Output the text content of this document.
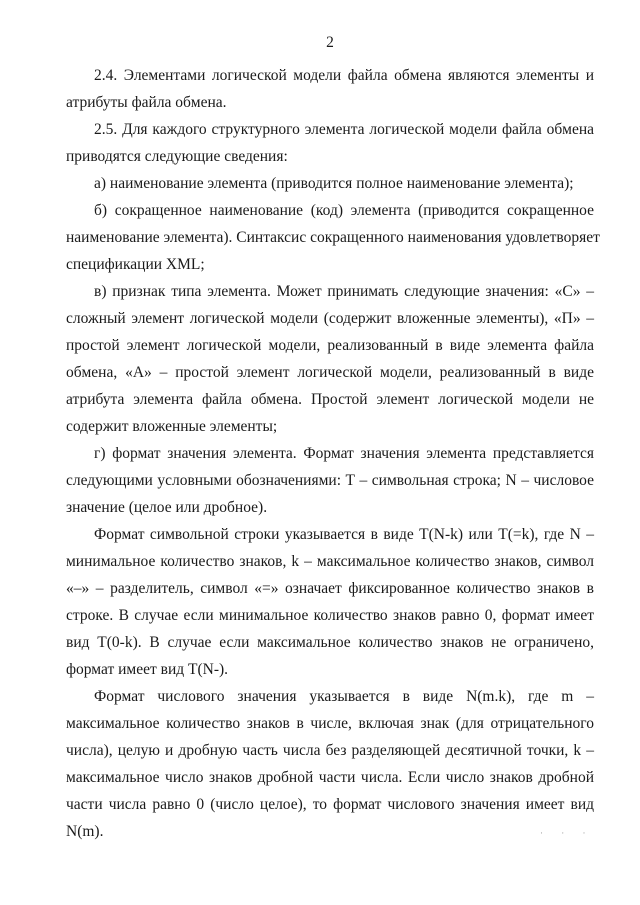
2
2.4. Элементами логической модели файла обмена являются элементы и
атрибуты файла обмена.
2.5. Для каждого структурного элемента логической модели файла обмена
приводятся следующие сведения:
а) наименование элемента (приводится полное наименование элемента);
б) сокращенное наименование (код) элемента (приводится сокращенное
наименование элемента). Синтаксис сокращенного наименования удовлетворяет
спецификации XML;
в) признак типа элемента. Может принимать следующие значения: «С» –
сложный элемент логической модели (содержит вложенные элементы), «П» –
простой элемент логической модели, реализованный в виде элемента файла
обмена, «А» – простой элемент логической модели, реализованный в виде
атрибута элемента файла обмена. Простой элемент логической модели не
содержит вложенные элементы;
г) формат значения элемента. Формат значения элемента представляется
следующими условными обозначениями: Т – символьная строка; N – числовое
значение (целое или дробное).
Формат символьной строки указывается в виде T(N-k) или T(=k), где N –
минимальное количество знаков, k – максимальное количество знаков, символ
«–» – разделитель, символ «=» означает фиксированное количество знаков в
строке. В случае если минимальное количество знаков равно 0, формат имеет
вид T(0-k). В случае если максимальное количество знаков не ограничено,
формат имеет вид T(N-).
Формат числового значения указывается в виде N(m.k), где m –
максимальное количество знаков в числе, включая знак (для отрицательного
числа), целую и дробную часть числа без разделяющей десятичной точки, k –
максимальное число знаков дробной части числа. Если число знаков дробной
части числа равно 0 (число целое), то формат числового значения имеет вид
N(m).	· · ·
